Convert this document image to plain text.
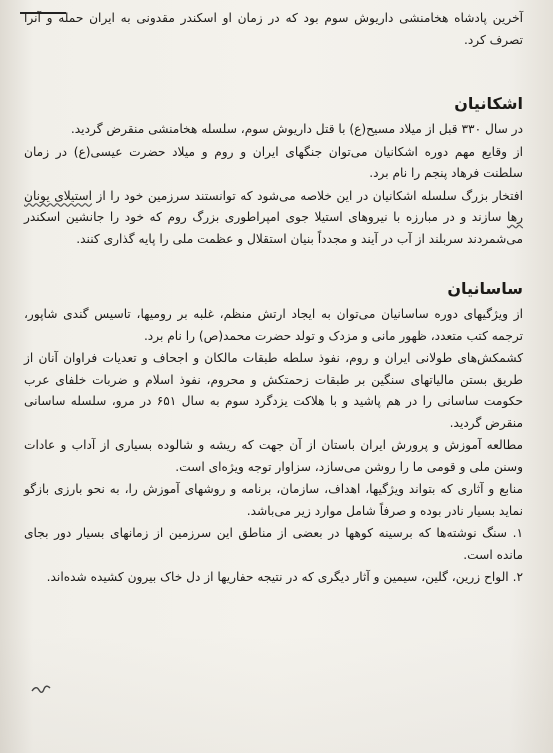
آخرین پادشاه هخامنشی داریوش سوم بود که در زمان او اسکندر مقدونی به ایران حمله و آنرا تصرف کرد.

اشکانیان

در سال ۳۳۰ قبل از میلاد مسیح(ع) با قتل داریوش سوم، سلسله هخامنشی منقرض گردید.

از وقایع مهم دوره اشکانیان می‌توان جنگهای ایران و روم و میلاد حضرت عیسی(ع) در زمان سلطنت فرهاد پنجم را نام برد.

افتخار بزرگ سلسله اشکانیان در این خلاصه می‌شود که توانستند سرزمین خود را از استیلای یونان رها سازند و در مبارزه با نیروهای استیلا جوی امپراطوری بزرگ روم که خود را جانشین اسکندر می‌شمردند سربلند از آب در آیند و مجدداً بنیان استقلال و عظمت ملی را پایه گذاری کنند.

ساسانیان

از ویژگیهای دوره ساسانیان می‌توان به ایجاد ارتش منظم، غلبه بر رومیها، تاسیس گندی شاپور، ترجمه کتب متعدد، ظهور مانی و مزدک و تولد حضرت محمد(ص) را نام برد.

کشمکش‌های طولانی ایران و روم، نفوذ سلطه طبقات مالکان و اجحاف و تعدیات فراوان آنان از طریق بستن مالیاتهای سنگین بر طبقات زحمتکش و محروم، نفوذ اسلام و ضربات خلفای عرب حکومت ساسانی را در هم پاشید و با هلاکت یزدگرد سوم به سال ۶۵۱ در مرو، سلسله ساسانی منقرض گردید.

مطالعه آموزش و پرورش ایران باستان از آن جهت که ریشه و شالوده بسیاری از آداب و عادات وسنن ملی و قومی ما را روشن می‌سازد، سزاوار توجه ویژه‌ای است.

منابع و آثاری که بتواند ویژگیها، اهداف، سازمان، برنامه و روشهای آموزش را، به نحو بارزی بازگو نماید بسیار نادر بوده و صرفاً شامل موارد زیر می‌باشد.

۱. سنگ نوشته‌ها که برسینه کوهها در بعضی از مناطق این سرزمین از زمانهای بسیار دور بجای مانده است.

۲. الواح زرین، گلین، سیمین و آثار دیگری که در نتیجه حفاریها از دل خاک بیرون کشیده شده‌اند.
